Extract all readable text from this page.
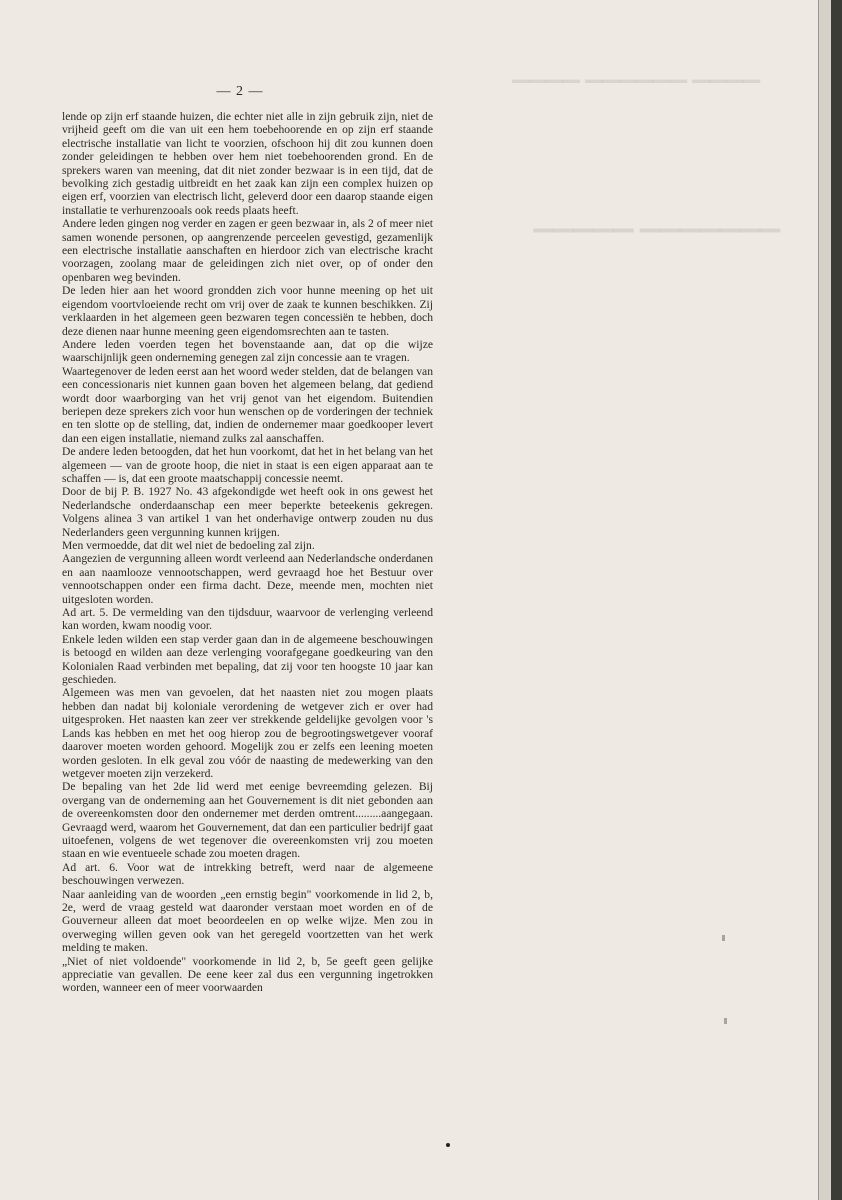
▔▔▔▔ ▔▔▔▔▔▔ ▔▔▔▔
▔▔▔▔▔▔▔ ▔▔▔▔▔
— 2 —

lende op zijn erf staande huizen, die echter niet alle in zijn gebruik zijn, niet de vrijheid geeft om die van uit een hem toebehoorende en op zijn erf staande electrische installatie van licht te voorzien, ofschoon hij dit zou kunnen doen zonder geleidingen te hebben over hem niet toebehoorenden grond. En de sprekers waren van meening, dat dit niet zonder bezwaar is in een tijd, dat de bevolking zich gestadig uitbreidt en het zaak kan zijn een complex huizen op eigen erf, voorzien van electrisch licht, geleverd door een daarop staande eigen installatie te verhurenzooals ook reeds plaats heeft.

Andere leden gingen nog verder en zagen er geen bezwaar in, als 2 of meer niet samen wonende personen, op aangrenzende perceelen gevestigd, gezamenlijk een electrische installatie aanschaften en hierdoor zich van electrische kracht voorzagen, zoolang maar de geleidingen zich niet over, op of onder den openbaren weg bevinden.

De leden hier aan het woord grondden zich voor hunne meening op het uit eigendom voortvloeiende recht om vrij over de zaak te kunnen beschikken. Zij verklaarden in het algemeen geen bezwaren tegen concessiën te hebben, doch deze dienen naar hunne meening geen eigendomsrechten aan te tasten.

Andere leden voerden tegen het bovenstaande aan, dat op die wijze waarschijnlijk geen onderneming genegen zal zijn concessie aan te vragen.

Waartegenover de leden eerst aan het woord weder stelden, dat de belangen van een concessionaris niet kunnen gaan boven het algemeen belang, dat gediend wordt door waarborging van het vrij genot van het eigendom. Buitendien beriepen deze sprekers zich voor hun wenschen op de vorderingen der techniek en ten slotte op de stelling, dat, indien de ondernemer maar goedkooper levert dan een eigen installatie, niemand zulks zal aanschaffen.

De andere leden betoogden, dat het hun voorkomt, dat het in het belang van het algemeen — van de groote hoop, die niet in staat is een eigen apparaat aan te schaffen — is, dat een groote maatschappij concessie neemt.

Door de bij P. B. 1927 No. 43 afgekondigde wet heeft ook in ons gewest het Nederlandsche onderdaanschap een meer beperkte beteekenis gekregen. Volgens alinea 3 van artikel 1 van het onderhavige ontwerp zouden nu dus Nederlanders geen vergunning kunnen krijgen.

Men vermoedde, dat dit wel niet de bedoeling zal zijn.

Aangezien de vergunning alleen wordt verleend aan Nederlandsche onderdanen en aan naamlooze vennootschappen, werd gevraagd hoe het Bestuur over vennootschappen onder een firma dacht. Deze, meende men, mochten niet uitgesloten worden.

Ad art. 5. De vermelding van den tijdsduur, waarvoor de verlenging verleend kan worden, kwam noodig voor.

Enkele leden wilden een stap verder gaan dan in de algemeene beschouwingen is betoogd en wilden aan deze verlenging voorafgegane goedkeuring van den Kolonialen Raad verbinden met bepaling, dat zij voor ten hoogste 10 jaar kan geschieden.

Algemeen was men van gevoelen, dat het naasten niet zou mogen plaats hebben dan nadat bij koloniale verordening de wetgever zich er over had uitgesproken. Het naasten kan zeer ver strekkende geldelijke gevolgen voor 's Lands kas hebben en met het oog hierop zou de begrootingswetgever vooraf daarover moeten worden gehoord. Mogelijk zou er zelfs een leening moeten worden gesloten. In elk geval zou vóór de naasting de medewerking van den wetgever moeten zijn verzekerd.

De bepaling van het 2de lid werd met eenige bevreemding gelezen. Bij overgang van de onderneming aan het Gouvernement is dit niet gebonden aan de overeenkomsten door den ondernemer met derden omtrent.........aangegaan. Gevraagd werd, waarom het Gouvernement, dat dan een particulier bedrijf gaat uitoefenen, volgens de wet tegenover die overeenkomsten vrij zou moeten staan en wie eventueele schade zou moeten dragen.

Ad art. 6. Voor wat de intrekking betreft, werd naar de algemeene beschouwingen verwezen.

Naar aanleiding van de woorden „een ernstig begin" voorkomende in lid 2, b, 2e, werd de vraag gesteld wat daaronder verstaan moet worden en of de Gouverneur alleen dat moet beoordeelen en op welke wijze. Men zou in overweging willen geven ook van het geregeld voortzetten van het werk melding te maken.

„Niet of niet voldoende" voorkomende in lid 2, b, 5e geeft geen gelijke appreciatie van gevallen. De eene keer zal dus een vergunning ingetrokken worden, wanneer een of meer voorwaarden
